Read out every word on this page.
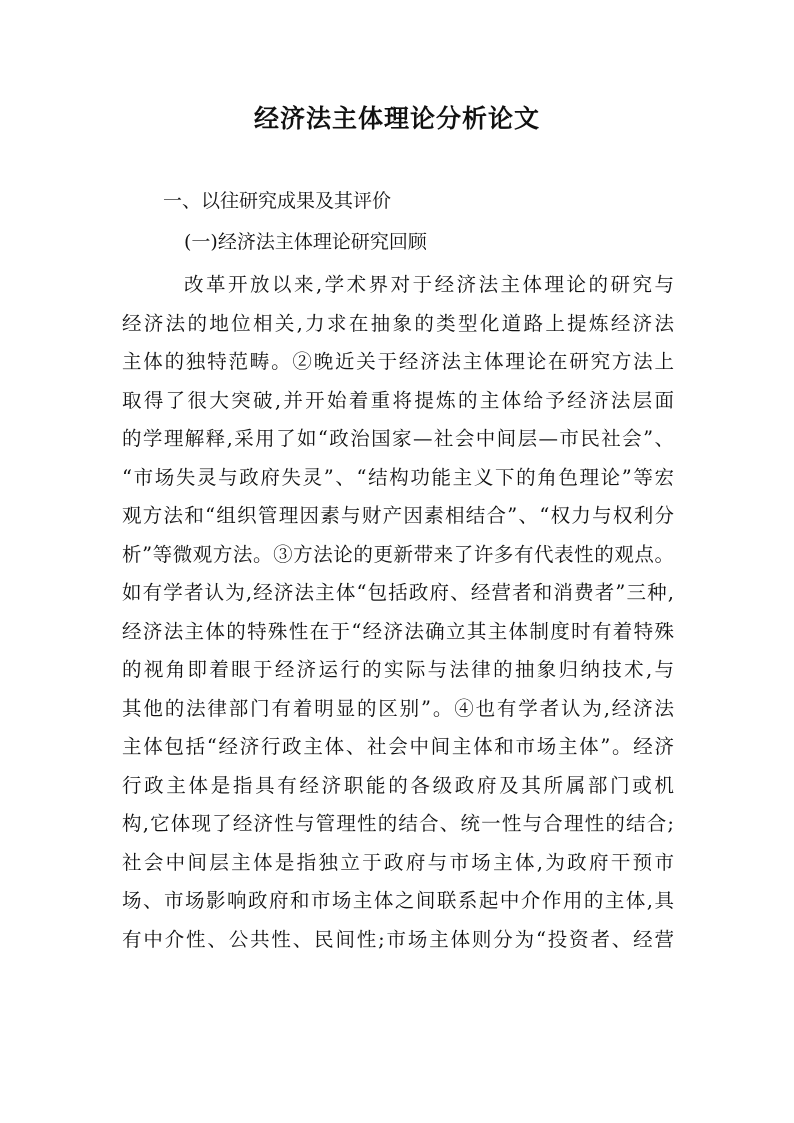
经济法主体理论分析论文

一、以往研究成果及其评价

(一)经济法主体理论研究回顾

改革开放以来,学术界对于经济法主体理论的研究与
经济法的地位相关,力求在抽象的类型化道路上提炼经济法
主体的独特范畴。②晚近关于经济法主体理论在研究方法上
取得了很大突破,并开始着重将提炼的主体给予经济法层面
的学理解释,采用了如“政治国家—社会中间层—市民社会”、
“市场失灵与政府失灵”、“结构功能主义下的角色理论”等宏
观方法和“组织管理因素与财产因素相结合”、“权力与权利分
析”等微观方法。③方法论的更新带来了许多有代表性的观点。
如有学者认为,经济法主体“包括政府、经营者和消费者”三种,
经济法主体的特殊性在于“经济法确立其主体制度时有着特殊
的视角即着眼于经济运行的实际与法律的抽象归纳技术,与
其他的法律部门有着明显的区别”。④也有学者认为,经济法
主体包括“经济行政主体、社会中间主体和市场主体”。经济
行政主体是指具有经济职能的各级政府及其所属部门或机
构,它体现了经济性与管理性的结合、统一性与合理性的结合;
社会中间层主体是指独立于政府与市场主体,为政府干预市
场、市场影响政府和市场主体之间联系起中介作用的主体,具
有中介性、公共性、民间性;市场主体则分为“投资者、经营
